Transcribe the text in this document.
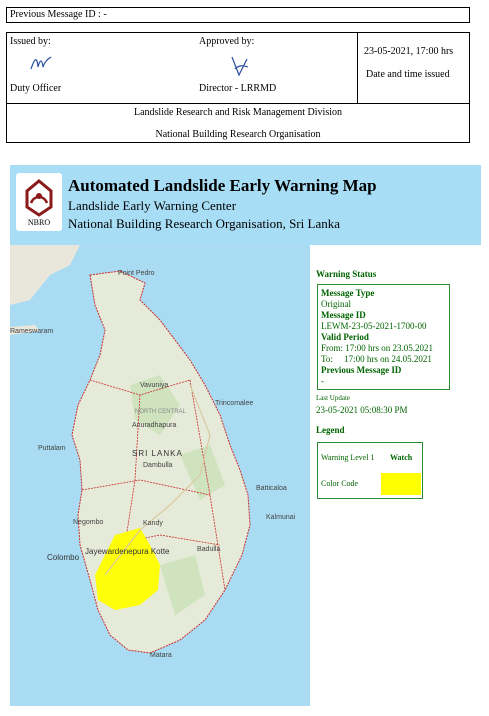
Previous Message ID : -
Issued by:
Duty Officer
Approved by:
Director - LRRMD
23-05-2021, 17:00 hrs
Date and time issued
Landslide Research and Risk Management Division
National Building Research Organisation
NBRO
Automated Landslide Early Warning Map
Landslide Early Warning Center
National Building Research Organisation, Sri Lanka
Point Pedro
Rameswaram
Vavuniya
Trincomalee
NORTH CENTRAL
Anuradhapura
Puttalam
SRI LANKA
Dambulla
Batticaloa
Kalmunai
Negombo	Kandy
Colombo
Jayewardenepura Kotte	Badulla
Matara
Warning Status
Message Type
Original
Message ID
LEWM-23-05-2021-1700-00
Valid Period
From: 17:00 hrs on 23.05.2021
To:     17:00 hrs on 24.05.2021
Previous Message ID
-
Last Update
23-05-2021 05:08:30 PM
Legend
Warning Level 1 Watch
Color Code
